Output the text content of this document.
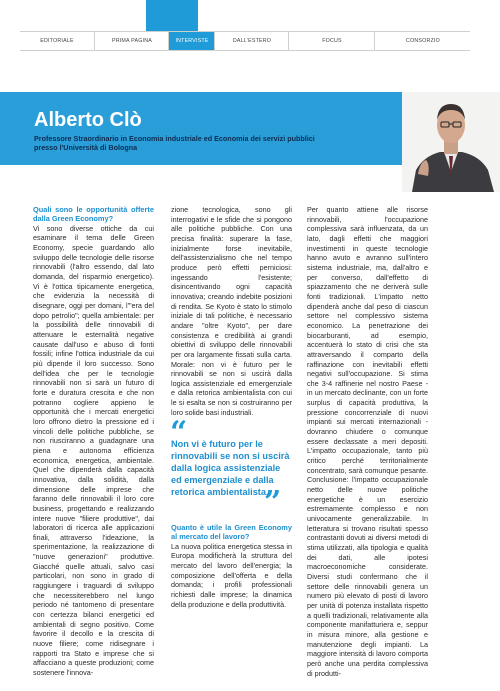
EDITORIALE	PRIMA PAGINA	INTERVISTE	DALL'ESTERO	FOCUS	CONSORZIO
Alberto Clò
Professore Straordinario in Economia industriale ed Economia dei servizi pubblici presso l'Università di Bologna

Quali sono le opportunità offerte dalla Green Economy?

Vi sono diverse ottiche da cui esaminare il tema delle Green Economy, specie guardando allo sviluppo delle tecnologie delle risorse rinnovabili (l'altro essendo, dal lato domanda, del risparmio energetico). Vi è l'ottica tipicamente energetica, che evidenzia la necessità di disegnare, oggi per domani, l'"era del dopo petrolio"; quella ambientale: per la possibilità delle rinnovabili di attenuare le esternalità negative causate dall'uso e abuso di fonti fossili; infine l'ottica industriale da cui più dipende il loro successo. Sono dell'idea che per le tecnologie rinnovabili non si sarà un futuro di forte e duratura crescita e che non potranno cogliere appieno le opportunità che i mercati energetici loro offrono dietro la pressione ed i vincoli delle politiche pubbliche, se non riusciranno a guadagnare una piena e autonoma efficienza economica, energetica, ambientale. Quel che dipenderà dalla capacità innovativa, dalla solidità, dalla dimensione delle imprese che faranno delle rinnovabili il loro core business, progettando e realizzando intere nuove "filiere produttive", dai laboratori di ricerca alle applicazioni finali, attraverso l'ideazione, la sperimentazione, la realizzazione di "nuove generazioni" produttive. Giacché quelle attuali, salvo casi particolari, non sono in grado di raggiungere i traguardi di sviluppo che necessiterebbero nel lungo periodo né tantomeno di presentare con certezza bilanci energetici ed ambientali di segno positivo. Come favorire il decollo e la crescita di nuove filiere; come ridisegnare i rapporti tra Stato e imprese che si affacciano a queste produzioni; come sostenere l'innova-

zione tecnologica, sono gli interrogativi e le sfide che si pongono alle politiche pubbliche. Con una precisa finalità: superare la fase, inizialmente forse inevitabile, dell'assistenzialismo che nel tempo produce però effetti perniciosi: ingessando l'esistente; disincentivando ogni capacità innovativa; creando indebite posizioni di rendita. Se Kyoto è stato lo stimolo iniziale di tali politiche, è necessario andare "oltre Kyoto", per dare consistenza e credibilità ai grandi obiettivi di sviluppo delle rinnovabili per ora largamente fissati sulla carta. Morale: non vi è futuro per le rinnovabili se non si uscirà dalla logica assistenziale ed emergenziale e dalla retorica ambientalista con cui le si esalta se non si costruiranno per loro solide basi industriali.

“
Non vi è futuro per le rinnovabili se non si uscirà dalla logica assistenziale ed emergenziale e dalla retorica ambientalista.
”

Quanto è utile la Green Economy al mercato del lavoro?

La nuova politica energetica stessa in Europa modificherà la struttura del mercato del lavoro dell'energia; la composizione dell'offerta e della domanda; i profili professionali richiesti dalle imprese; la dinamica della produzione e della produttività.

Per quanto attiene alle risorse rinnovabili, l'occupazione complessiva sarà influenzata, da un lato, dagli effetti che maggiori investimenti in queste tecnologie hanno avuto e avranno sull'intero sistema industriale, ma, dall'altro e per converso, dall'effetto di spiazzamento che ne deriverà sulle fonti tradizionali. L'impatto netto dipenderà anche dal peso di ciascun settore nel complessivo sistema economico. La penetrazione dei biocarburanti, ad esempio, accentuerà lo stato di crisi che sta attraversando il comparto della raffinazione con inevitabili effetti negativi sull'occupazione. Si stima che 3-4 raffinerie nel nostro Paese - in un mercato declinante, con un forte surplus di capacità produttiva, la pressione concorrenziale di nuovi impianti sui mercati internazionali - dovranno chiudere o comunque essere declassate a meri depositi. L'impatto occupazionale, tanto più critico perché territorialmente concentrato, sarà comunque pesante. Conclusione: l'impatto occupazionale netto delle nuove politiche energetiche è un esercizio estremamente complesso e non univocamente generalizzabile. In letteratura si trovano risultati spesso contrastanti dovuti ai diversi metodi di stima utilizzati, alla tipologia e qualità dei dati, alle ipotesi macroeconomiche considerate. Diversi studi confermano che il settore delle rinnovabili genera un numero più elevato di posti di lavoro per unità di potenza installata rispetto a quelli tradizionali, relativamente alla componente manifatturiera e, seppur in misura minore, alla gestione e manutenzione degli impianti. La maggiore intensità di lavoro comporta però anche una perdita complessiva di produtti-
